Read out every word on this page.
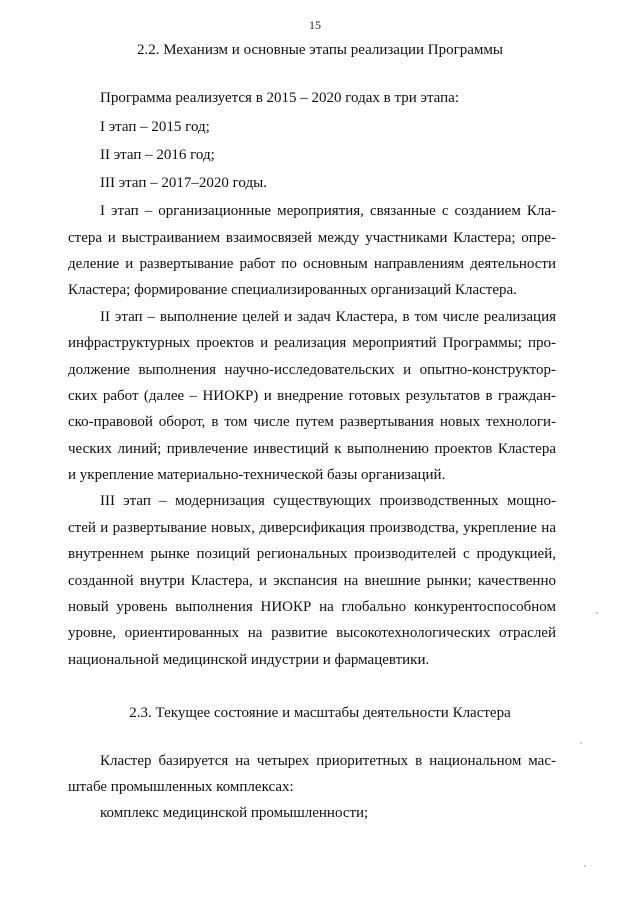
15
2.2. Механизм и основные этапы реализации Программы
Программа реализуется в 2015 – 2020 годах в три этапа:
I этап – 2015 год;
II этап – 2016 год;
III этап – 2017–2020 годы.
I этап – организационные мероприятия, связанные с созданием Кла-
стера и выстраиванием взаимосвязей между участниками Кластера; опре-
деление и развертывание работ по основным направлениям деятельности
Кластера; формирование специализированных организаций Кластера.
II этап – выполнение целей и задач Кластера, в том числе реализация
инфраструктурных проектов и реализация мероприятий Программы; про-
должение выполнения научно-исследовательских и опытно-конструктор-
ских работ (далее – НИОКР) и внедрение готовых результатов в граждан-
ско-правовой оборот, в том числе путем развертывания новых технологи-
ческих линий; привлечение инвестиций к выполнению проектов Кластера
и укрепление материально-технической базы организаций.
III этап – модернизация существующих производственных мощно-
стей и развертывание новых, диверсификация производства, укрепление на
внутреннем рынке позиций региональных производителей с продукцией,
созданной внутри Кластера, и экспансия на внешние рынки; качественно
новый уровень выполнения НИОКР на глобально конкурентоспособном
уровне, ориентированных на развитие высокотехнологических отраслей
национальной медицинской индустрии и фармацевтики.
2.3. Текущее состояние и масштабы деятельности Кластера
Кластер базируется на четырех приоритетных в национальном мас-
штабе промышленных комплексах:
комплекс медицинской промышленности;
